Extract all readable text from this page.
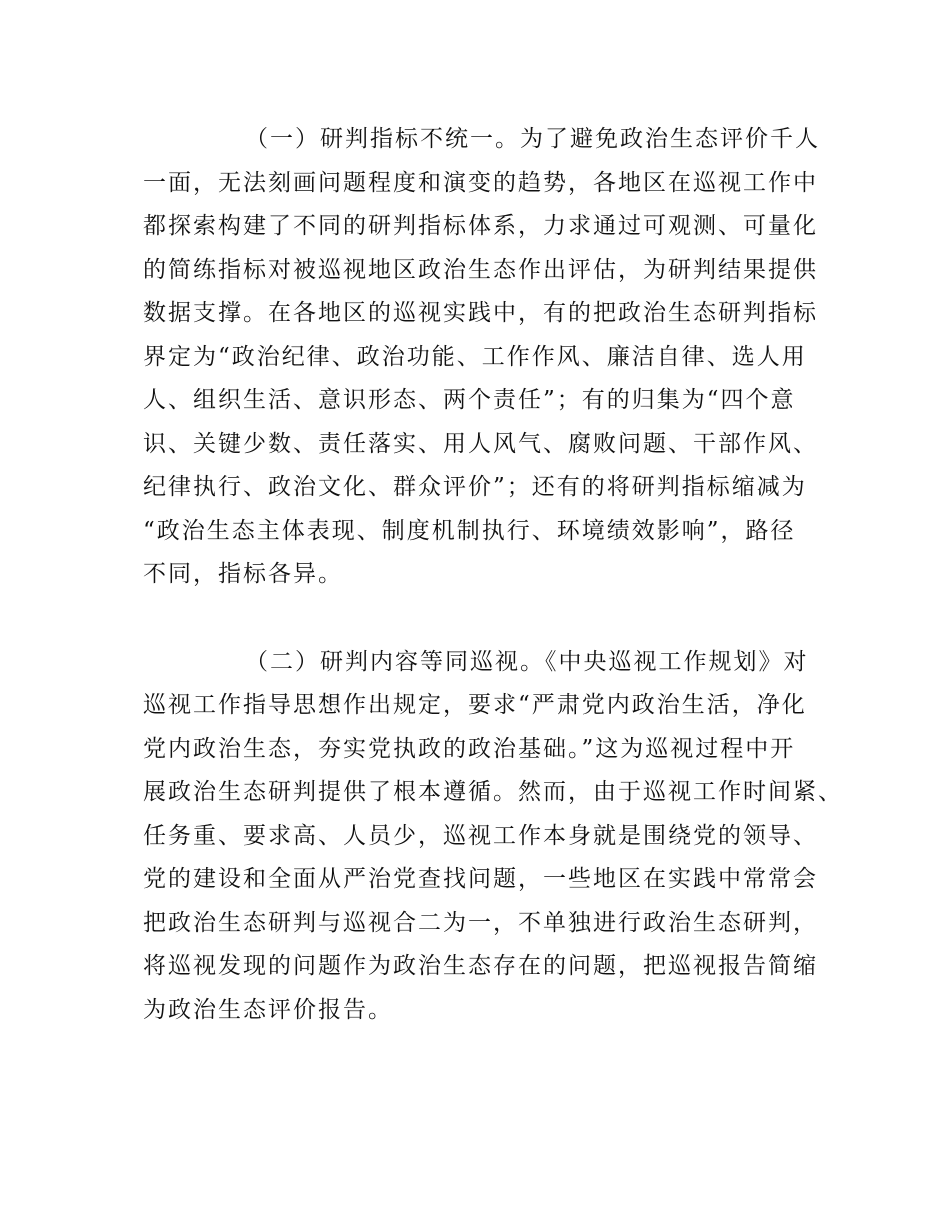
（一）研判指标不统一。为了避免政治生态评价千人
一面，无法刻画问题程度和演变的趋势，各地区在巡视工作中
都探索构建了不同的研判指标体系，力求通过可观测、可量化
的简练指标对被巡视地区政治生态作出评估，为研判结果提供
数据支撑。在各地区的巡视实践中，有的把政治生态研判指标
界定为“政治纪律、政治功能、工作作风、廉洁自律、选人用
人、组织生活、意识形态、两个责任”；有的归集为“四个意
识、关键少数、责任落实、用人风气、腐败问题、干部作风、
纪律执行、政治文化、群众评价”；还有的将研判指标缩减为
“政治生态主体表现、制度机制执行、环境绩效影响”，路径
不同，指标各异。
（二）研判内容等同巡视。《中央巡视工作规划》对
巡视工作指导思想作出规定，要求“严肃党内政治生活，净化
党内政治生态，夯实党执政的政治基础。”这为巡视过程中开
展政治生态研判提供了根本遵循。然而，由于巡视工作时间紧、
任务重、要求高、人员少，巡视工作本身就是围绕党的领导、
党的建设和全面从严治党查找问题，一些地区在实践中常常会
把政治生态研判与巡视合二为一，不单独进行政治生态研判，
将巡视发现的问题作为政治生态存在的问题，把巡视报告简缩
为政治生态评价报告。
